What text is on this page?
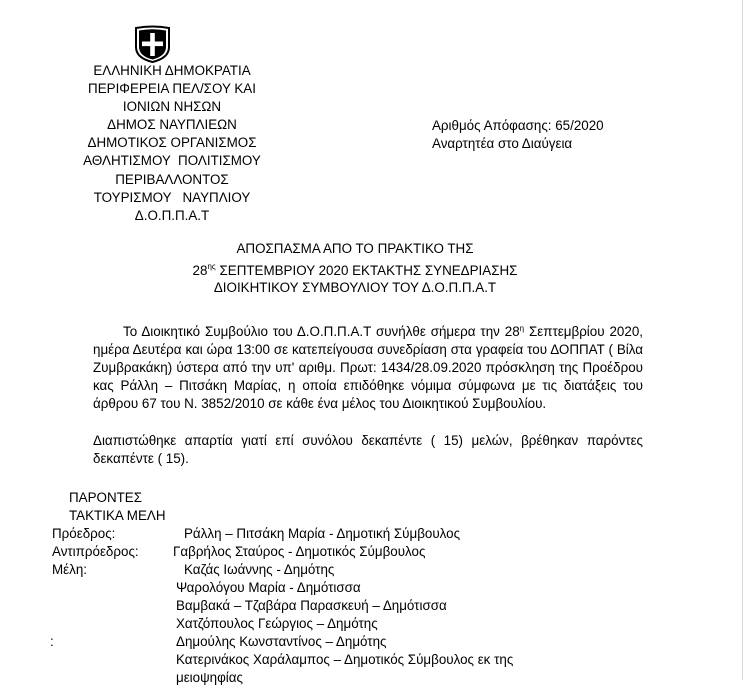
ΕΛΛΗΝΙΚΗ ΔΗΜΟΚΡΑΤΙΑ
ΠΕΡΙΦΕΡΕΙΑ ΠΕΛ/ΣΟΥ ΚΑΙ
ΙΟΝΙΩΝ ΝΗΣΩΝ
ΔΗΜΟΣ ΝΑΥΠΛΙΕΩΝ
ΔΗΜΟΤΙΚΟΣ ΟΡΓΑΝΙΣΜΟΣ
ΑΘΛΗΤΙΣΜΟΥ  ΠΟΛΙΤΙΣΜΟΥ
ΠΕΡΙΒΑΛΛΟΝΤΟΣ
ΤΟΥΡΙΣΜΟΥ   ΝΑΥΠΛΙΟΥ
Δ.Ο.Π.Π.Α.Τ
Αριθμός Απόφασης: 65/2020
Αναρτητέα στο Διαύγεια
ΑΠΟΣΠΑΣΜΑ ΑΠΟ ΤΟ ΠΡΑΚΤΙΚΟ ΤΗΣ
$28^{\eta\varsigma}$ ΣΕΠΤΕΜΒΡΙΟΥ 2020 ΕΚΤΑΚΤΗΣ ΣΥΝΕΔΡΙΑΣΗΣ
ΔΙΟΙΚΗΤΙΚΟΥ ΣΥΜΒΟΥΛΙΟΥ ΤΟΥ Δ.Ο.Π.Π.Α.Τ
Το Διοικητικό Συμβούλιο του Δ.Ο.Π.Π.Α.Τ συνήλθε σήμερα την $28^\eta$ Σεπτεμβρίου 2020, ημέρα Δευτέρα και ώρα 13:00 σε κατεπείγουσα συνεδρίαση στα γραφεία του ΔΟΠΠΑΤ ( Βίλα Ζυμβρακάκη) ύστερα από την υπ' αριθμ. Πρωτ: 1434/28.09.2020 πρόσκληση της Προέδρου κας Ράλλη – Πιτσάκη Μαρίας, η οποία επιδόθηκε νόμιμα σύμφωνα με τις διατάξεις του άρθρου 67 του Ν. 3852/2010 σε κάθε ένα μέλος του Διοικητικού Συμβουλίου.
Διαπιστώθηκε απαρτία γιατί επί συνόλου δεκαπέντε ( 15) μελών, βρέθηκαν παρόντες δεκαπέντε ( 15).
ΠΑΡΟΝΤΕΣ
ΤΑΚΤΙΚΑ ΜΕΛΗ
Πρόεδρος:	Ράλλη – Πιτσάκη Μαρία - Δημοτική Σύμβουλος
Αντιπρόεδρος:	Γαβρήλος Σταύρος - Δημοτικός Σύμβουλος
Μέλη:	Καζάς Ιωάννης - Δημότης
Ψαρολόγου Μαρία - Δημότισσα
Βαμβακά – Τζαβάρα Παρασκευή – Δημότισσα
Χατζόπουλος Γεώργιος – Δημότης
:	Δημούλης Κωνσταντίνος – Δημότης
Κατερινάκος Χαράλαμπος – Δημοτικός Σύμβουλος εκ της
μειοψηφίας
